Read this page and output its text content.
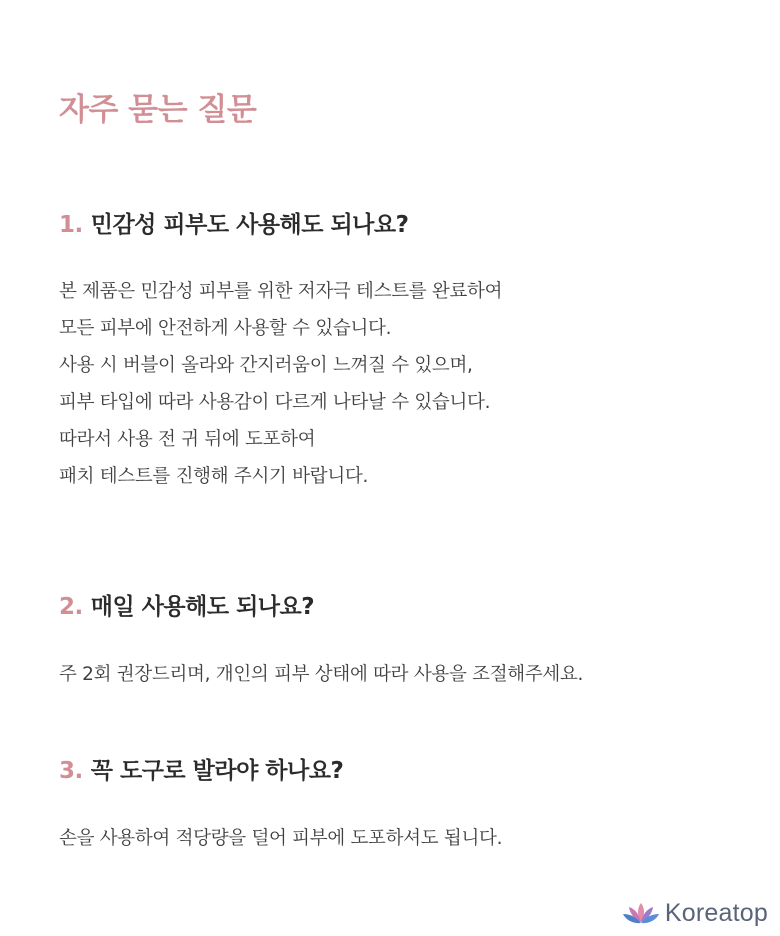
자주 묻는 질문
1. 민감성 피부도 사용해도 되나요?

본 제품은 민감성 피부를 위한 저자극 테스트를 완료하여
모든 피부에 안전하게 사용할 수 있습니다.
사용 시 버블이 올라와 간지러움이 느껴질 수 있으며,
피부 타입에 따라 사용감이 다르게 나타날 수 있습니다.
따라서 사용 전 귀 뒤에 도포하여
패치 테스트를 진행해 주시기 바랍니다.

2. 매일 사용해도 되나요?

주 2회 권장드리며, 개인의 피부 상태에 따라 사용을 조절해주세요.

3. 꼭 도구로 발라야 하나요?

손을 사용하여 적당량을 덜어 피부에 도포하셔도 됩니다.

Koreatop
